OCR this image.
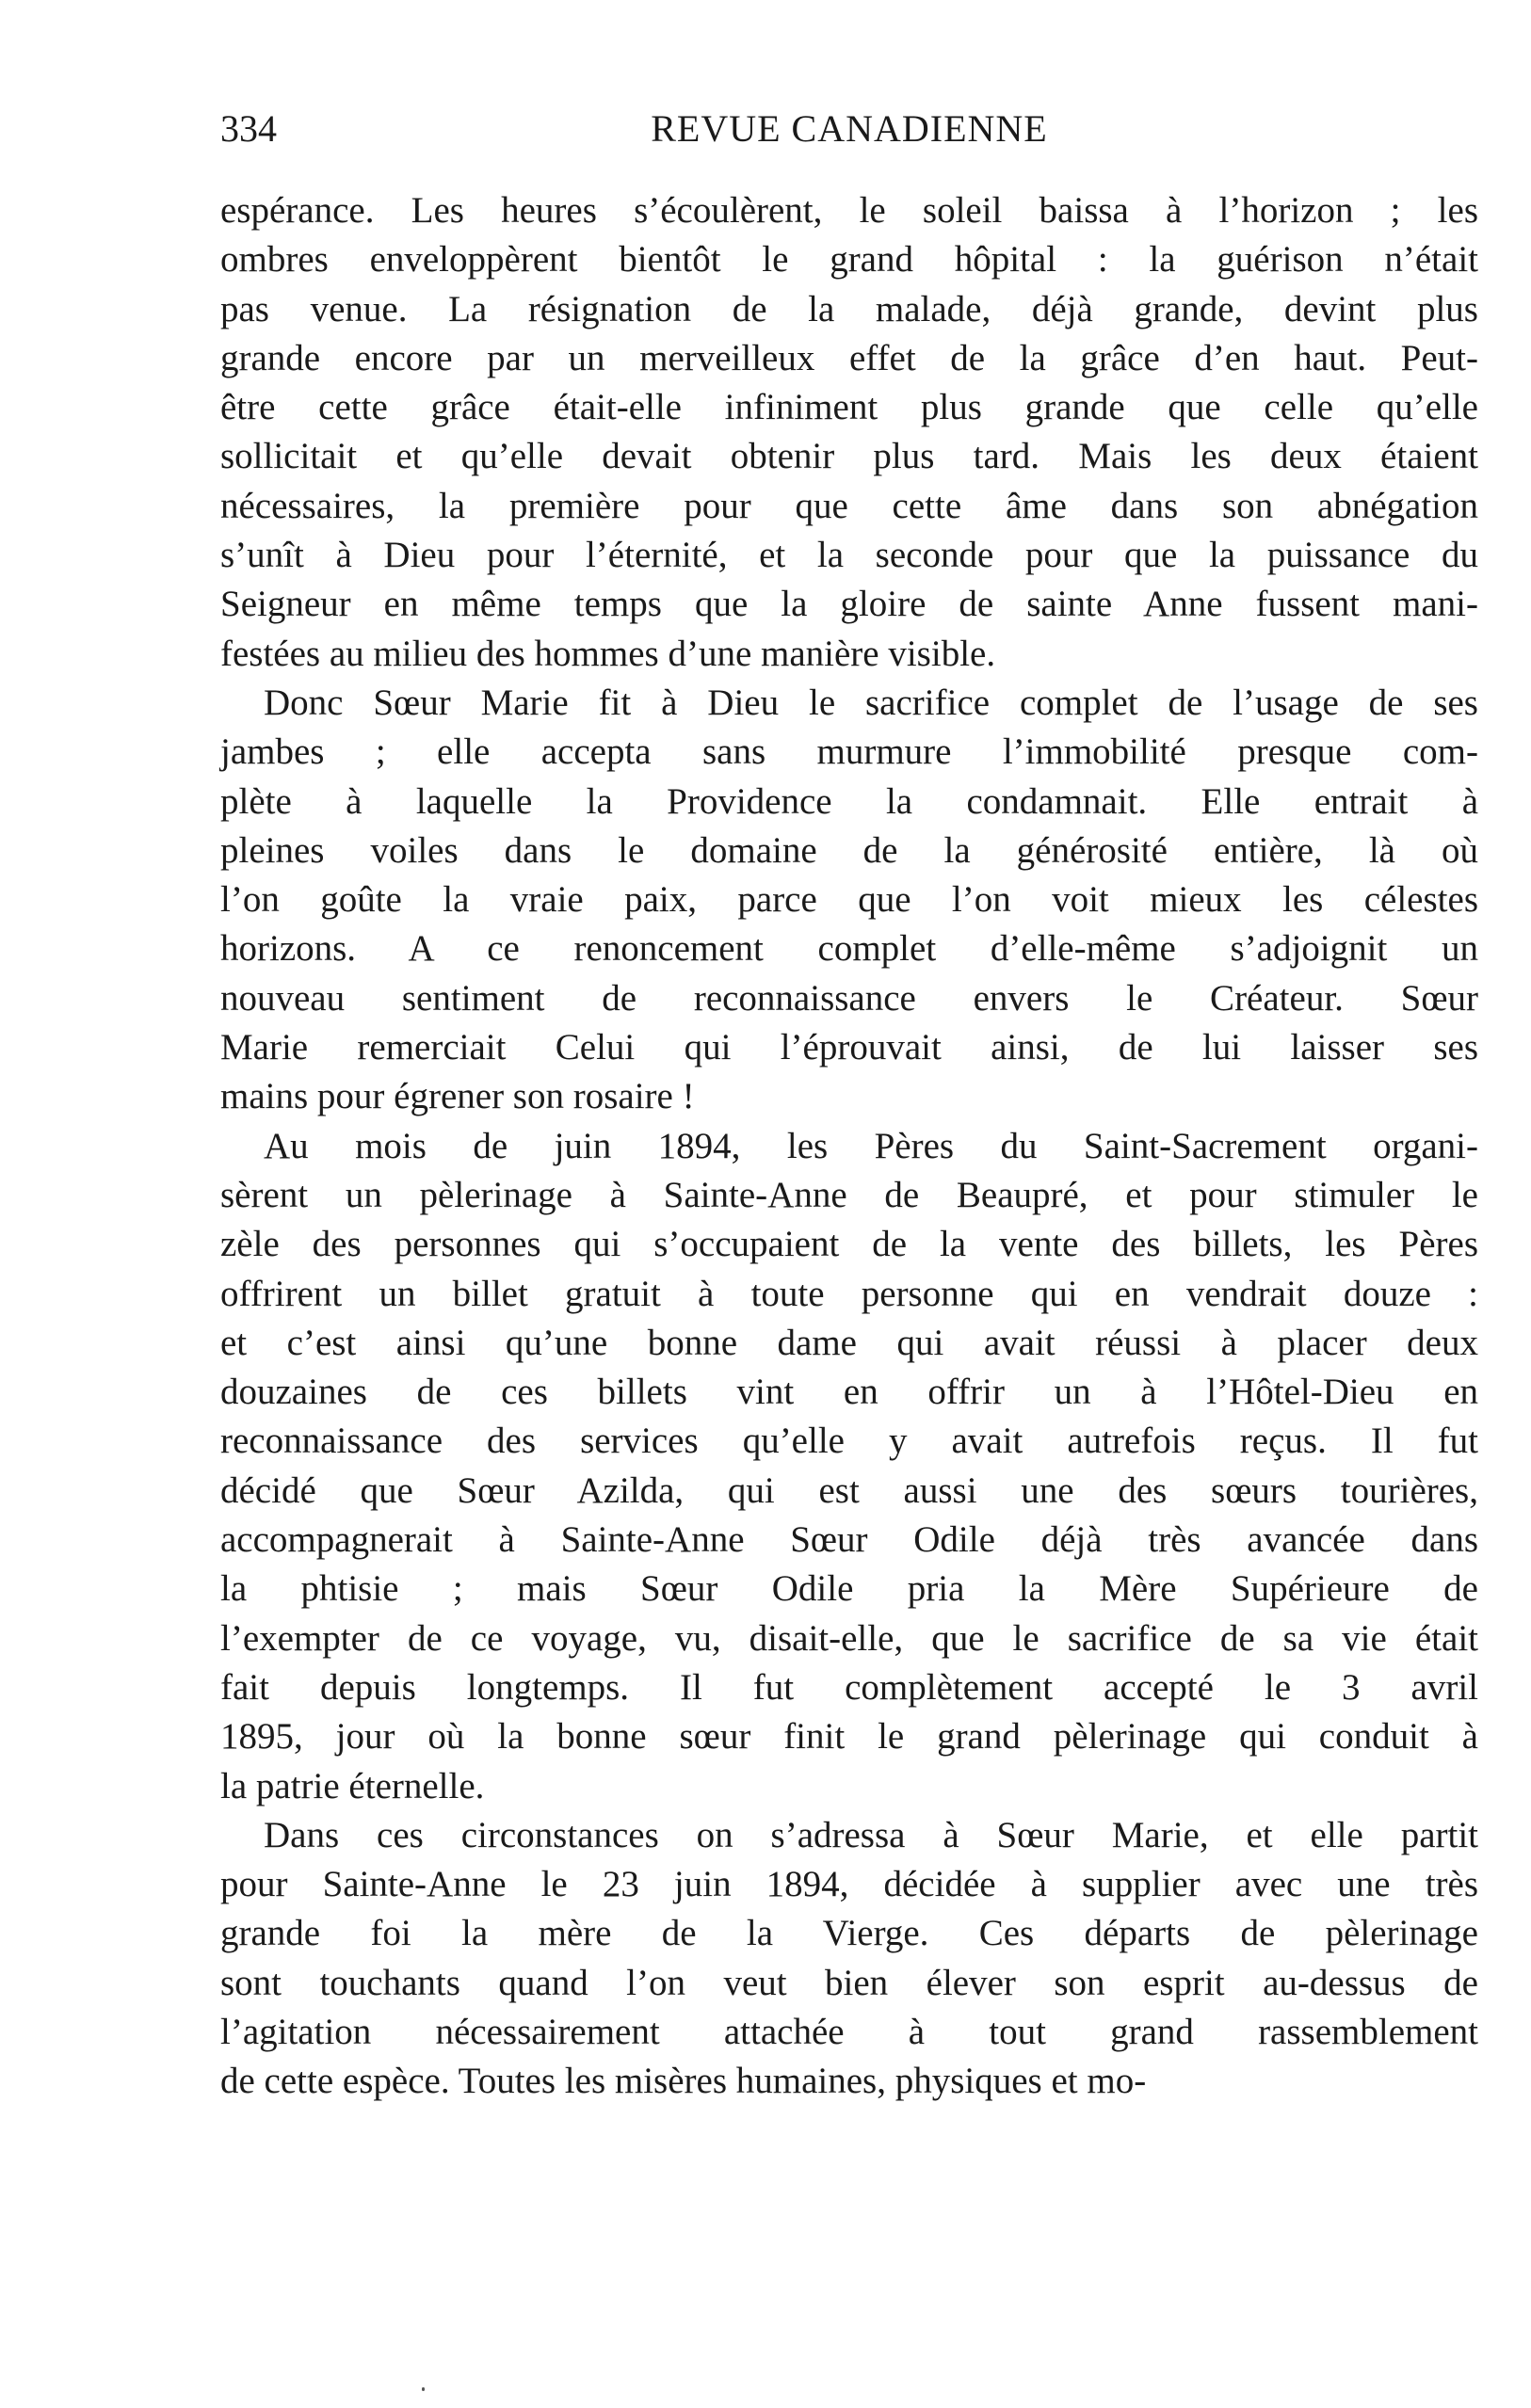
334	REVUE CANADIENNE
espérance. Les heures s’écoulèrent, le soleil baissa à l’horizon ; les
ombres enveloppèrent bientôt le grand hôpital : la guérison n’était
pas venue. La résignation de la malade, déjà grande, devint plus
grande encore par un merveilleux effet de la grâce d’en haut. Peut-
être cette grâce était-elle infiniment plus grande que celle qu’elle
sollicitait et qu’elle devait obtenir plus tard. Mais les deux étaient
nécessaires, la première pour que cette âme dans son abnégation
s’unît à Dieu pour l’éternité, et la seconde pour que la puissance du
Seigneur en même temps que la gloire de sainte Anne fussent mani-
festées au milieu des hommes d’une manière visible.
Donc Sœur Marie fit à Dieu le sacrifice complet de l’usage de ses
jambes ; elle accepta sans murmure l’immobilité presque com-
plète à laquelle la Providence la condamnait. Elle entrait à
pleines voiles dans le domaine de la générosité entière, là où
l’on goûte la vraie paix, parce que l’on voit mieux les célestes
horizons. A ce renoncement complet d’elle-même s’adjoignit un
nouveau sentiment de reconnaissance envers le Créateur. Sœur
Marie remerciait Celui qui l’éprouvait ainsi, de lui laisser ses
mains pour égrener son rosaire !
Au mois de juin 1894, les Pères du Saint-Sacrement organi-
sèrent un pèlerinage à Sainte-Anne de Beaupré, et pour stimuler le
zèle des personnes qui s’occupaient de la vente des billets, les Pères
offrirent un billet gratuit à toute personne qui en vendrait douze :
et c’est ainsi qu’une bonne dame qui avait réussi à placer deux
douzaines de ces billets vint en offrir un à l’Hôtel-Dieu en
reconnaissance des services qu’elle y avait autrefois reçus. Il fut
décidé que Sœur Azilda, qui est aussi une des sœurs tourières,
accompagnerait à Sainte-Anne Sœur Odile déjà très avancée dans
la phtisie ; mais Sœur Odile pria la Mère Supérieure de
l’exempter de ce voyage, vu, disait-elle, que le sacrifice de sa vie était
fait depuis longtemps. Il fut complètement accepté le 3 avril
1895, jour où la bonne sœur finit le grand pèlerinage qui conduit à
la patrie éternelle.
Dans ces circonstances on s’adressa à Sœur Marie, et elle partit
pour Sainte-Anne le 23 juin 1894, décidée à supplier avec une très
grande foi la mère de la Vierge. Ces départs de pèlerinage
sont touchants quand l’on veut bien élever son esprit au-dessus de
l’agitation nécessairement attachée à tout grand rassemblement
de cette espèce. Toutes les misères humaines, physiques et mo-
